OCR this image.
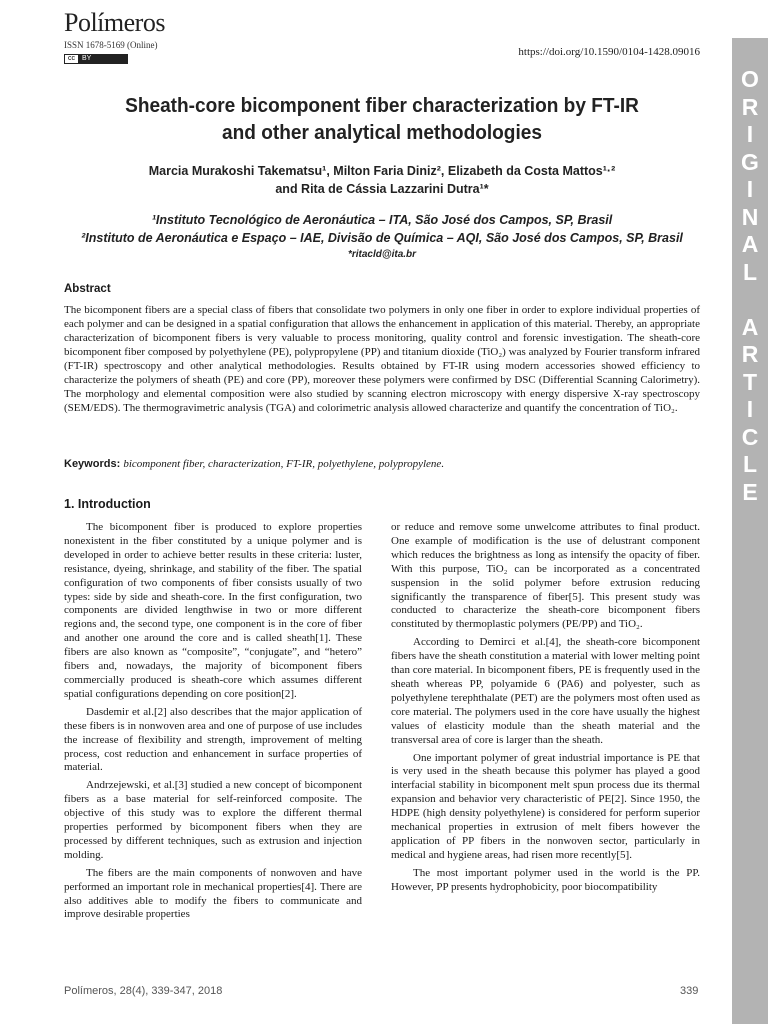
Polímeros
ISSN 1678-5169 (Online)
cc	BY
https://doi.org/10.1590/0104-1428.09016
O
R
I
G
I
N
A
L
A
R
T
I
C
L
E
Sheath-core bicomponent fiber characterization by FT-IR
and other analytical methodologies
Marcia Murakoshi Takematsu¹, Milton Faria Diniz², Elizabeth da Costa Mattos¹·²
and Rita de Cássia Lazzarini Dutra¹*
¹Instituto Tecnológico de Aeronáutica – ITA, São José dos Campos, SP, Brasil
²Instituto de Aeronáutica e Espaço – IAE, Divisão de Química – AQI, São José dos Campos, SP, Brasil
*ritacld@ita.br
Abstract
The bicomponent fibers are a special class of fibers that consolidate two polymers in only one fiber in order to explore individual properties of each polymer and can be designed in a spatial configuration that allows the enhancement in application of this material. Thereby, an appropriate characterization of bicomponent fibers is very valuable to process monitoring, quality control and forensic investigation. The sheath-core bicomponent fiber composed by polyethylene (PE), polypropylene (PP) and titanium dioxide (TiO₂) was analyzed by Fourier transform infrared (FT-IR) spectroscopy and other analytical methodologies. Results obtained by FT-IR using modern accessories showed efficiency to characterize the polymers of sheath (PE) and core (PP), moreover these polymers were confirmed by DSC (Differential Scanning Calorimetry). The morphology and elemental composition were also studied by scanning electron microscopy with energy dispersive X-ray spectroscopy (SEM/EDS). The thermogravimetric analysis (TGA) and colorimetric analysis allowed characterize and quantify the concentration of TiO₂.
Keywords: bicomponent fiber, characterization, FT-IR, polyethylene, polypropylene.
1. Introduction

The bicomponent fiber is produced to explore properties nonexistent in the fiber constituted by a unique polymer and is developed in order to achieve better results in these criteria: luster, resistance, dyeing, shrinkage, and stability of the fiber. The spatial configuration of two components of fiber consists usually of two types: side by side and sheath-core. In the first configuration, two components are divided lengthwise in two or more different regions and, the second type, one component is in the core of fiber and another one around the core and is called sheath[1]. These fibers are also known as “composite”, “conjugate”, and “hetero” fibers and, nowadays, the majority of bicomponent fibers commercially produced is sheath-core which assumes different spatial configurations depending on core position[2].

Dasdemir et al.[2] also describes that the major application of these fibers is in nonwoven area and one of purpose of use includes the increase of flexibility and strength, improvement of melting process, cost reduction and enhancement in surface properties of material.

Andrzejewski, et al.[3] studied a new concept of bicomponent fibers as a base material for self-reinforced composite. The objective of this study was to explore the different thermal properties performed by bicomponent fibers when they are processed by different techniques, such as extrusion and injection molding.

The fibers are the main components of nonwoven and have performed an important role in mechanical properties[4]. There are also additives able to modify the fibers to communicate and improve desirable properties

or reduce and remove some unwelcome attributes to final product. One example of modification is the use of delustrant component which reduces the brightness as long as intensify the opacity of fiber. With this purpose, TiO₂ can be incorporated as a concentrated suspension in the solid polymer before extrusion reducing significantly the transparence of fiber[5]. This present study was conducted to characterize the sheath-core bicomponent fibers constituted by thermoplastic polymers (PE/PP) and TiO₂.

According to Demirci et al.[4], the sheath-core bicomponent fibers have the sheath constitution a material with lower melting point than core material. In bicomponent fibers, PE is frequently used in the sheath whereas PP, polyamide 6 (PA6) and polyester, such as polyethylene terephthalate (PET) are the polymers most often used as core material. The polymers used in the core have usually the highest values of elasticity module than the sheath material and the transversal area of core is larger than the sheath.

One important polymer of great industrial importance is PE that is very used in the sheath because this polymer has played a good interfacial stability in bicomponent melt spun process due its thermal expansion and behavior very characteristic of PE[2]. Since 1950, the HDPE (high density polyethylene) is considered for perform superior mechanical properties in extrusion of melt fibers however the application of PP fibers in the nonwoven sector, particularly in medical and hygiene areas, had risen more recently[5].

The most important polymer used in the world is the PP. However, PP presents hydrophobicity, poor biocompatibility

Polímeros, 28(4), 339-347, 2018	339
